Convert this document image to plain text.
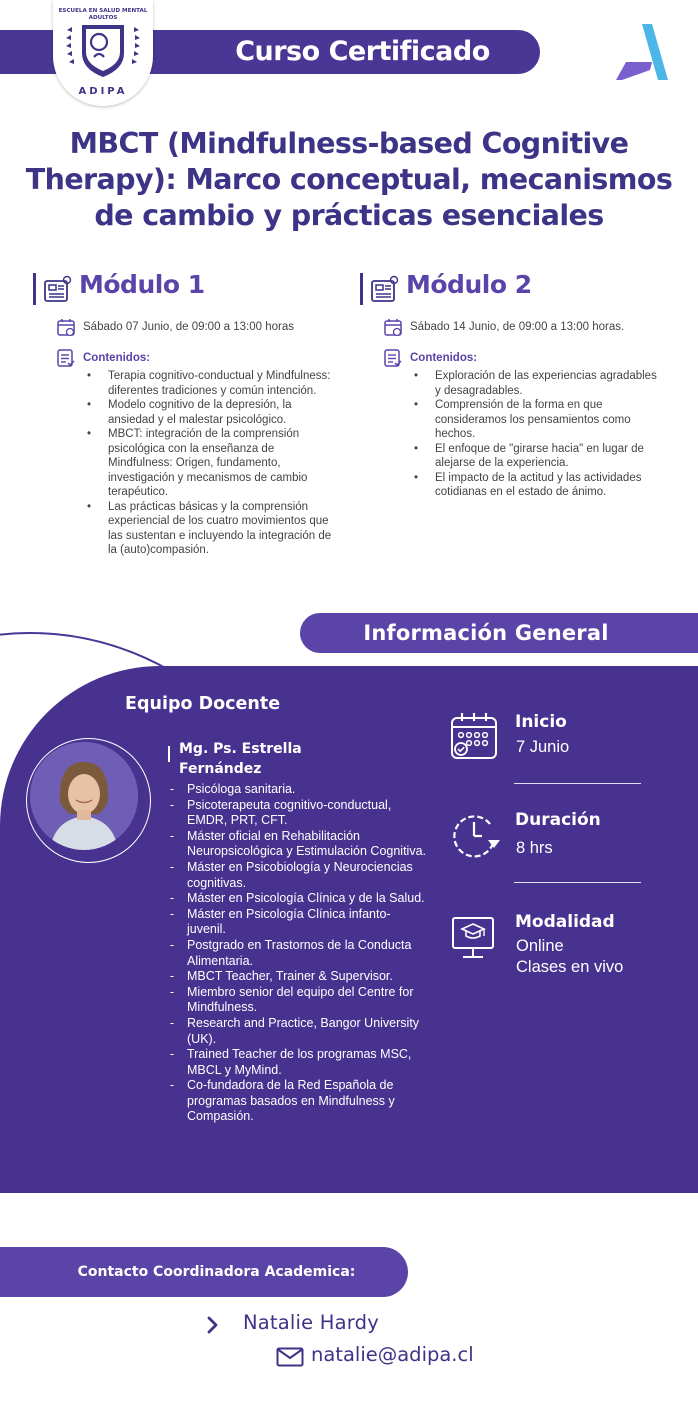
Curso Certificado
ESCUELA EN SALUD MENTAL
ADULTOS
ADIPA
MBCT (Mindfulness-based Cognitive
Therapy): Marco conceptual, mecanismos
de cambio y prácticas esenciales
Módulo 1
Sábado 07 Junio, de 09:00 a 13:00 horas
Contenidos:
• Terapia cognitivo-conductual y Mindfulness: diferentes tradiciones y común intención.
• Modelo cognitivo de la depresión, la ansiedad y el malestar psicológico.
• MBCT: integración de la comprensión psicológica con la enseñanza de Mindfulness: Origen, fundamento, investigación y mecanismos de cambio terapéutico.
• Las prácticas básicas y la comprensión experiencial de los cuatro movimientos que las sustentan e incluyendo la integración de la (auto)compasión.
Módulo 2
Sábado 14 Junio, de 09:00 a 13:00 horas.
Contenidos:
• Exploración de las experiencias agradables y desagradables.
• Comprensión de la forma en que consideramos los pensamientos como hechos.
• El enfoque de "girarse hacia" en lugar de alejarse de la experiencia.
• El impacto de la actitud y las actividades cotidianas en el estado de ánimo.
Información General
Equipo Docente
Mg. Ps. Estrella Fernández
- Psicóloga sanitaria.
- Psicoterapeuta cognitivo-conductual, EMDR, PRT, CFT.
- Máster oficial en Rehabilitación Neuropsicológica y Estimulación Cognitiva.
- Máster en Psicobiología y Neurociencias cognitivas.
- Máster en Psicología Clínica y de la Salud.
- Máster en Psicología Clínica infanto-juvenil.
- Postgrado en Trastornos de la Conducta Alimentaria.
- MBCT Teacher, Trainer & Supervisor.
- Miembro senior del equipo del Centre for Mindfulness.
- Research and Practice, Bangor University (UK).
- Trained Teacher de los programas MSC, MBCL y MyMind.
- Co-fundadora de la Red Española de programas basados en Mindfulness y Compasión.
Inicio
7 Junio
Duración
8 hrs
Modalidad
Online
Clases en vivo
Contacto Coordinadora Academica:
Natalie Hardy
natalie@adipa.cl
